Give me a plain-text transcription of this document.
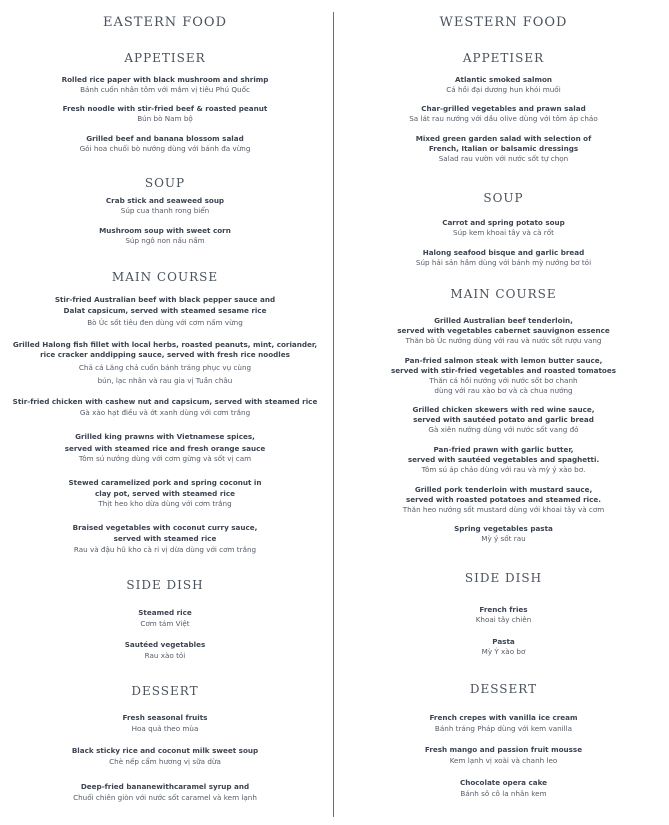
EASTERN FOOD
APPETISER
Rolled rice paper with black mushroom and shrimp
Bánh cuốn nhân tôm với mắm vị tiêu Phú Quốc
Fresh noodle with stir-fried beef & roasted peanut
Bún bò Nam bộ
Grilled beef and banana blossom salad
Gỏi hoa chuối bò nướng dùng với bánh đa vừng
SOUP
Crab stick and seaweed soup
Súp cua thanh rong biển
Mushroom soup with sweet corn
Súp ngô non nấu nấm
MAIN COURSE
Stir-fried Australian beef with black pepper sauce and
Dalat capsicum, served with steamed sesame rice
Bò Úc sốt tiêu đen dùng với cơm nấm vừng
Grilled Halong fish fillet with local herbs, roasted peanuts, mint, coriander,
rice cracker anddipping sauce, served with fresh rice noodles
Chả cá Lăng chả cuốn bánh tráng phục vụ cùng
bún, lạc nhân và rau gia vị Tuần châu
Stir-fried chicken with cashew nut and capsicum, served with steamed rice
Gà xào hạt điều và ớt xanh dùng với cơm trắng
Grilled king prawns with Vietnamese spices,
served with steamed rice and fresh orange sauce
Tôm sú nướng dùng với cơm gừng và sốt vị cam
Stewed caramelized pork and spring coconut in
clay pot, served with steamed rice
Thịt heo kho dừa dùng với cơm trắng
Braised vegetables with coconut curry sauce,
served with steamed rice
Rau và đậu hũ kho cà ri vị dừa dùng với cơm trắng
SIDE DISH
Steamed rice
Cơm tám Việt
Sautéed vegetables
Rau xào tỏi
DESSERT
Fresh seasonal fruits
Hoa quả theo mùa
Black sticky rice and coconut milk sweet soup
Chè nếp cẩm hương vị sữa dừa
Deep-fried bananewithcaramel syrup and
Chuối chiên giòn với nước sốt caramel và kem lạnh
WESTERN FOOD
APPETISER
Atlantic smoked salmon
Cá hồi đại dương hun khói muối
Char-grilled vegetables and prawn salad
Sa lát rau nướng với dầu olive dùng với tôm áp chảo
Mixed green garden salad with selection of
French, Italian or balsamic dressings
Salad rau vườn với nước sốt tự chọn
SOUP
Carrot and spring potato soup
Súp kem khoai tây và cà rốt
Halong seafood bisque and garlic bread
Súp hải sản hầm dùng với bánh mỳ nướng bơ tỏi
MAIN COURSE
Grilled Australian beef tenderloin,
served with vegetables cabernet sauvignon essence
Thăn bò Úc nướng dùng với rau và nước sốt rượu vang
Pan-fried salmon steak with lemon butter sauce,
served with stir-fried vegetables and roasted tomatoes
Thăn cá hồi nướng với nước sốt bơ chanh
dùng với rau xào bơ và cà chua nướng
Grilled chicken skewers with red wine sauce,
served with sautéed potato and garlic bread
Gà xiên nướng dùng với nước sốt vang đỏ
Pan-fried prawn with garlic butter,
served with sautéed vegetables and spaghetti.
Tôm sú áp chảo dùng với rau và mỳ ý xào bơ.
Grilled pork tenderloin with mustard sauce,
served with roasted potatoes and steamed rice.
Thăn heo nướng sốt mustard dùng với khoai tây và cơm
Spring vegetables pasta
Mỳ ý sốt rau
SIDE DISH
French fries
Khoai tây chiên
Pasta
Mỳ Ý xào bơ
DESSERT
French crepes with vanilla ice cream
Bánh tráng Pháp dùng với kem vanilla
Fresh mango and passion fruit mousse
Kem lạnh vị xoài và chanh leo
Chocolate opera cake
Bánh sô cô la nhân kem
